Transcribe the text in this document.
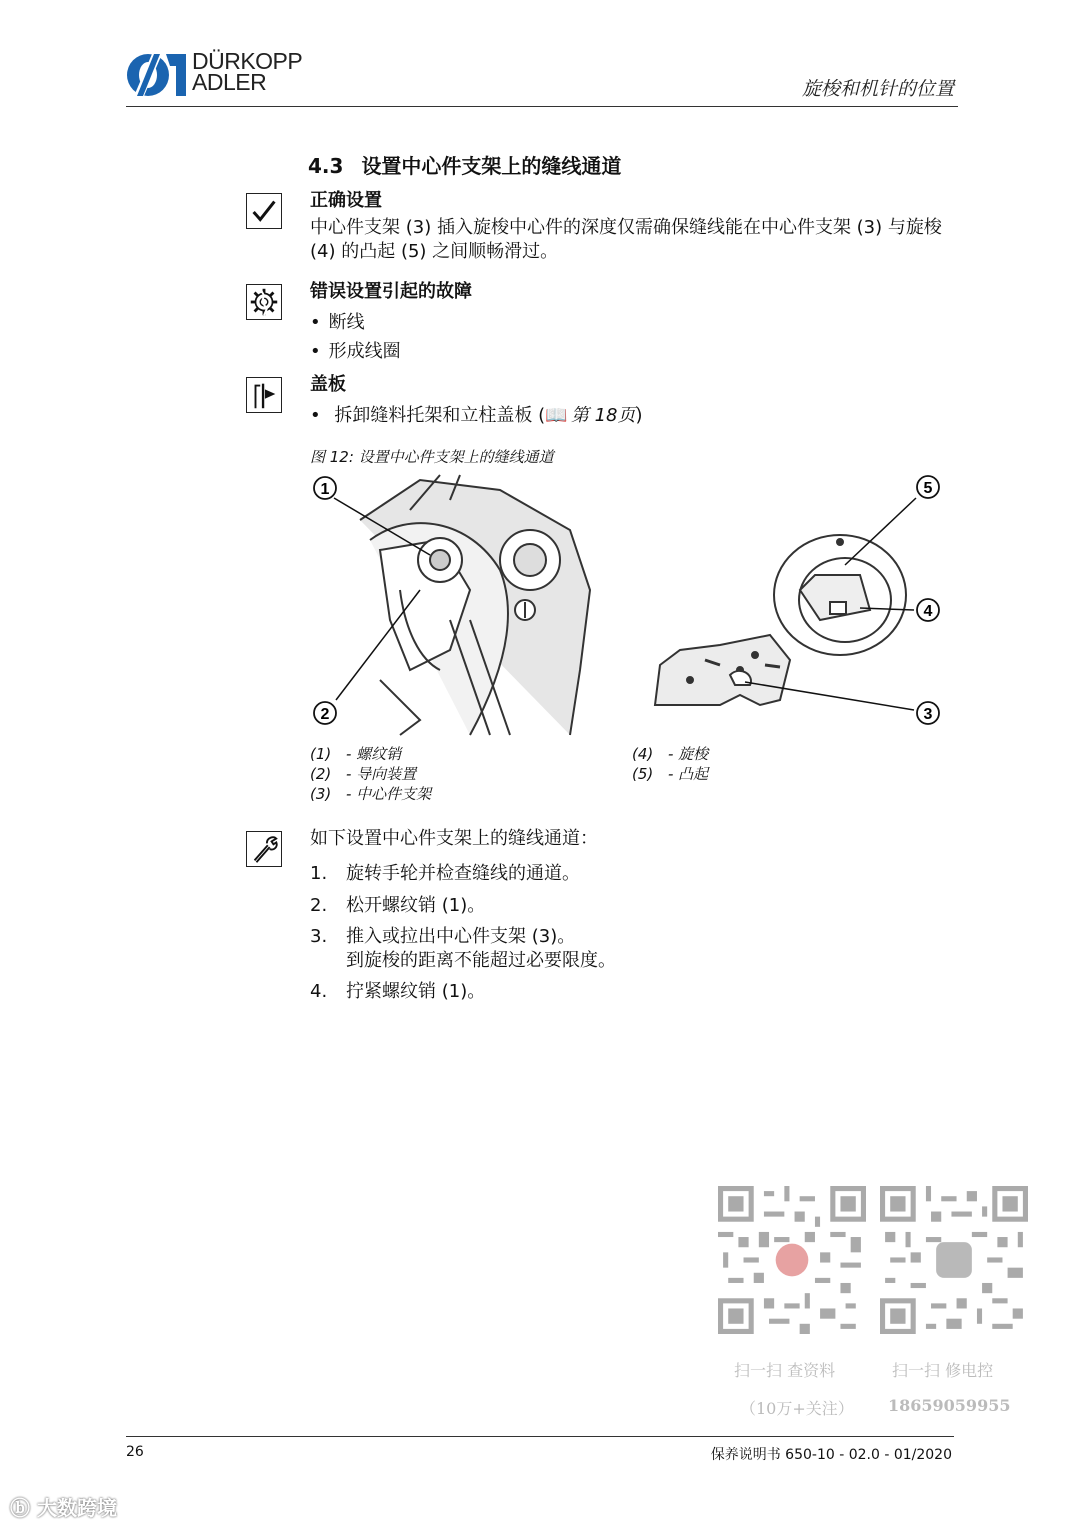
DÜRKOPP
ADLER	旋梭和机针的位置
4.3 设置中心件支架上的缝线通道
正确设置
中心件支架 (3) 插入旋梭中心件的深度仅需确保缝线能在中心件支架 (3) 与旋梭 (4) 的凸起 (5) 之间顺畅滑过。
错误设置引起的故障
• 断线
• 形成线圈
盖板
• 拆卸缝料托架和立柱盖板 (📖 第 18页)
图 12: 设置中心件支架上的缝线通道
1
2	3
4
5
(1) - 螺纹销
(2) - 导向装置
(3) - 中心件支架
(4) - 旋梭
(5) - 凸起
如下设置中心件支架上的缝线通道：
1. 旋转手轮并检查缝线的通道。
2. 松开螺纹销 (1)。
3. 推入或拉出中心件支架 (3)。
到旋梭的距离不能超过必要限度。
4. 拧紧螺纹销 (1)。
扫一扫 查资料
（10万+关注）
扫一扫 修电控
18659059955
26	保养说明书 650-10 - 02.0 - 01/2020
ⓑ 大数跨境
